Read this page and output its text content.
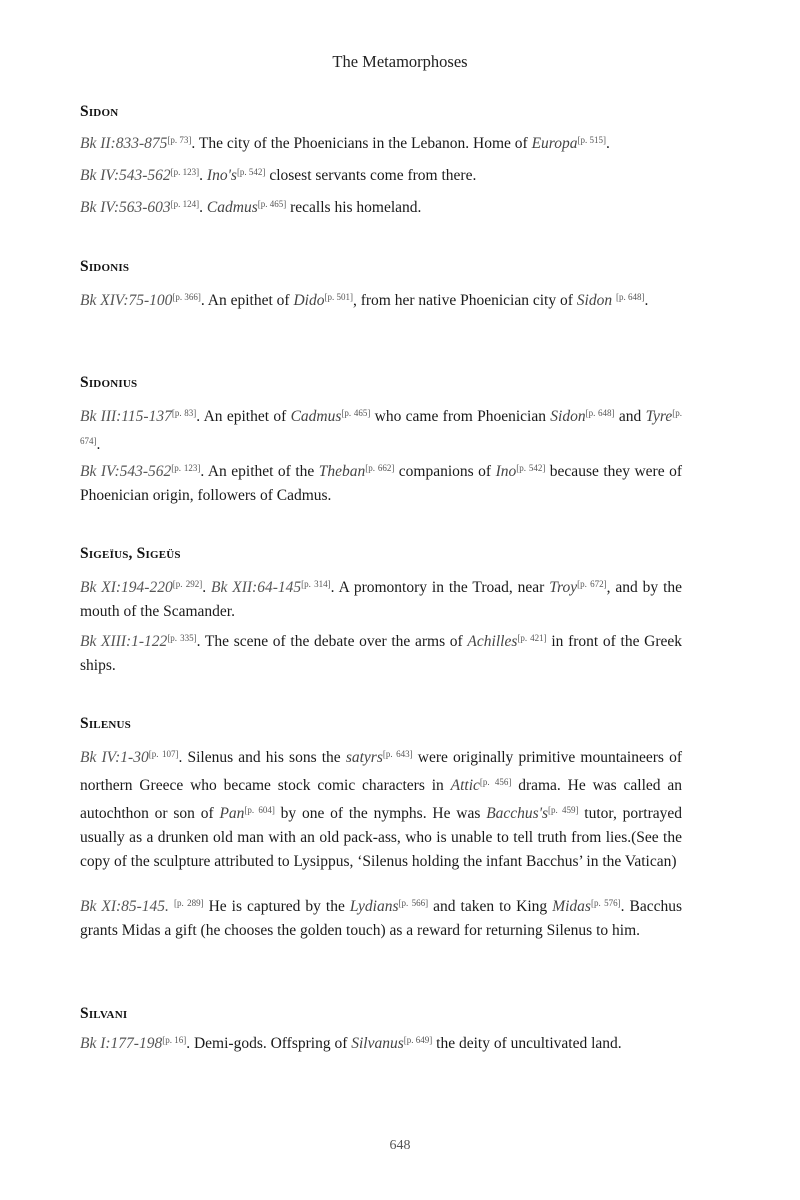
The Metamorphoses
Sidon
Bk II:833-875[p. 73]. The city of the Phoenicians in the Lebanon. Home of Europa[p. 515].
Bk IV:543-562[p. 123]. Ino's[p. 542] closest servants come from there.
Bk IV:563-603[p. 124]. Cadmus[p. 465] recalls his homeland.
Sidonis
Bk XIV:75-100[p. 366]. An epithet of Dido[p. 501], from her native Phoenician city of Sidon [p. 648].
Sidonius
Bk III:115-137[p. 83]. An epithet of Cadmus[p. 465] who came from Phoenician Sidon[p. 648] and Tyre[p. 674].
Bk IV:543-562[p. 123]. An epithet of the Theban[p. 662] companions of Ino[p. 542] because they were of Phoenician origin, followers of Cadmus.
Sigeïus, Sigeüs
Bk XI:194-220[p. 292]. Bk XII:64-145[p. 314]. A promontory in the Troad, near Troy[p. 672], and by the mouth of the Scamander.
Bk XIII:1-122[p. 335]. The scene of the debate over the arms of Achilles[p. 421] in front of the Greek ships.
Silenus
Bk IV:1-30[p. 107]. Silenus and his sons the satyrs[p. 643] were originally primitive mountaineers of northern Greece who became stock comic characters in Attic[p. 456] drama. He was called an autochthon or son of Pan[p. 604] by one of the nymphs. He was Bacchus's[p. 459] tutor, portrayed usually as a drunken old man with an old pack-ass, who is unable to tell truth from lies.(See the copy of the sculpture attributed to Lysippus, ‘Silenus holding the infant Bacchus’ in the Vatican)
Bk XI:85-145. [p. 289] He is captured by the Lydians[p. 566] and taken to King Midas[p. 576]. Bacchus grants Midas a gift (he chooses the golden touch) as a reward for returning Silenus to him.
Silvani
Bk I:177-198[p. 16]. Demi-gods. Offspring of Silvanus[p. 649] the deity of uncultivated land.
648
